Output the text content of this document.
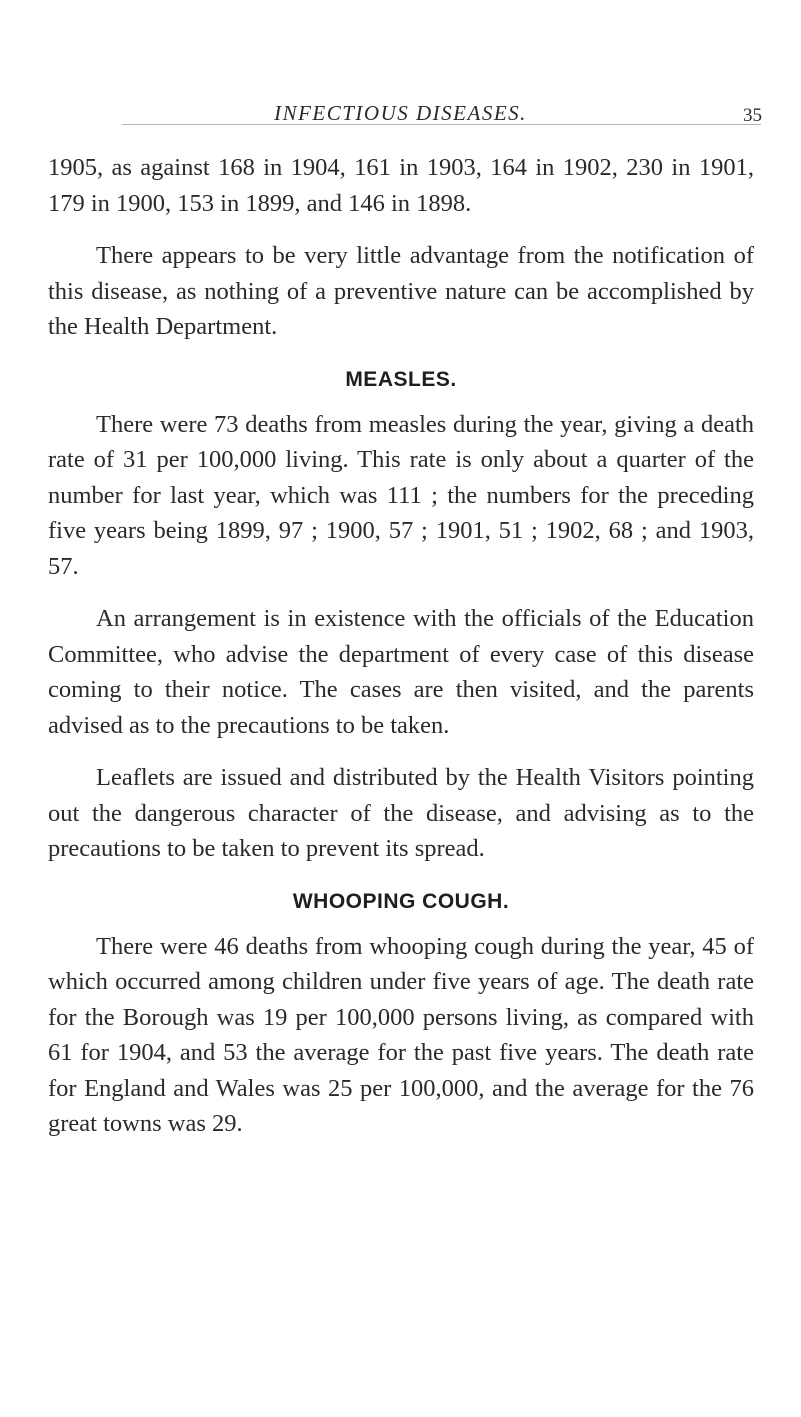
INFECTIOUS DISEASES.	35

1905, as against 168 in 1904, 161 in 1903, 164 in 1902, 230 in 1901, 179 in 1900, 153 in 1899, and 146 in 1898.

There appears to be very little advantage from the notification of this disease, as nothing of a preventive nature can be accomplished by the Health Department.

MEASLES.

There were 73 deaths from measles during the year, giving a death rate of 31 per 100,000 living. This rate is only about a quarter of the number for last year, which was 111 ; the numbers for the preceding five years being 1899, 97 ; 1900, 57 ; 1901, 51 ; 1902, 68 ; and 1903, 57.

An arrangement is in existence with the officials of the Education Committee, who advise the department of every case of this disease coming to their notice. The cases are then visited, and the parents advised as to the precautions to be taken.

Leaflets are issued and distributed by the Health Visitors pointing out the dangerous character of the disease, and advising as to the precautions to be taken to prevent its spread.

WHOOPING COUGH.

There were 46 deaths from whooping cough during the year, 45 of which occurred among children under five years of age. The death rate for the Borough was 19 per 100,000 persons living, as compared with 61 for 1904, and 53 the average for the past five years. The death rate for England and Wales was 25 per 100,000, and the average for the 76 great towns was 29.
